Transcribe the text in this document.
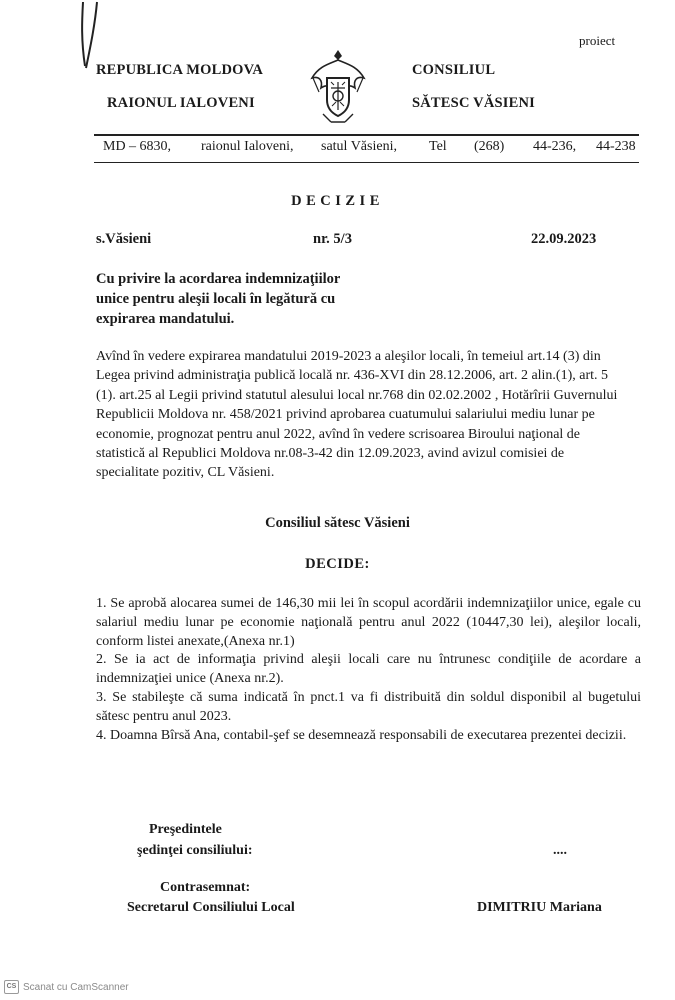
proiect
REPUBLICA MOLDOVA
RAIONUL IALOVENI
CONSILIUL
SĂTESC VĂSIENI
MD – 6830, raionul Ialoveni, satul Văsieni, Tel (268) 44-236, 44-238
DECIZIE
s.Văsieni	nr. 5/3	22.09.2023
Cu privire la acordarea indemnizaţiilor
unice pentru aleşii locali în legătură cu
expirarea mandatului.
Avînd în vedere expirarea mandatului 2019-2023 a aleşilor locali, în temeiul art.14 (3) din Legea privind administraţia publică locală nr. 436-XVI din 28.12.2006, art. 2 alin.(1), art. 5 (1). art.25 al Legii privind statutul alesului local nr.768 din 02.02.2002 , Hotărîrii Guvernului Republicii Moldova nr. 458/2021 privind aprobarea cuatumului salariului mediu lunar pe economie, prognozat pentru anul 2022, avînd în vedere scrisoarea Biroului naţional de statistică al Republici Moldova nr.08-3-42 din 12.09.2023, avind avizul comisiei de specialitate pozitiv, CL Văsieni.
Consiliul sătesc Văsieni
DECIDE:

1. Se aprobă alocarea sumei de 146,30 mii lei în scopul acordării indemnizaţiilor unice, egale cu salariul mediu lunar pe economie naţională pentru anul 2022 (10447,30 lei), aleşilor locali, conform listei anexate,(Anexa nr.1)

2. Se ia act de informaţia privind aleşii locali care nu întrunesc condiţiile de acordare a indemnizaţiei unice (Anexa nr.2).

3. Se stabileşte că suma indicată în pnct.1 va fi distribuită din soldul disponibil al bugetului sătesc pentru anul 2023.

4. Doamna Bîrsă Ana, contabil-şef se desemnează responsabili de executarea prezentei decizii.

Preşedintele
şedinţei consiliului:	....
Contrasemnat:
Secretarul Consiliului Local	DIMITRIU Mariana
CS Scanat cu CamScanner
